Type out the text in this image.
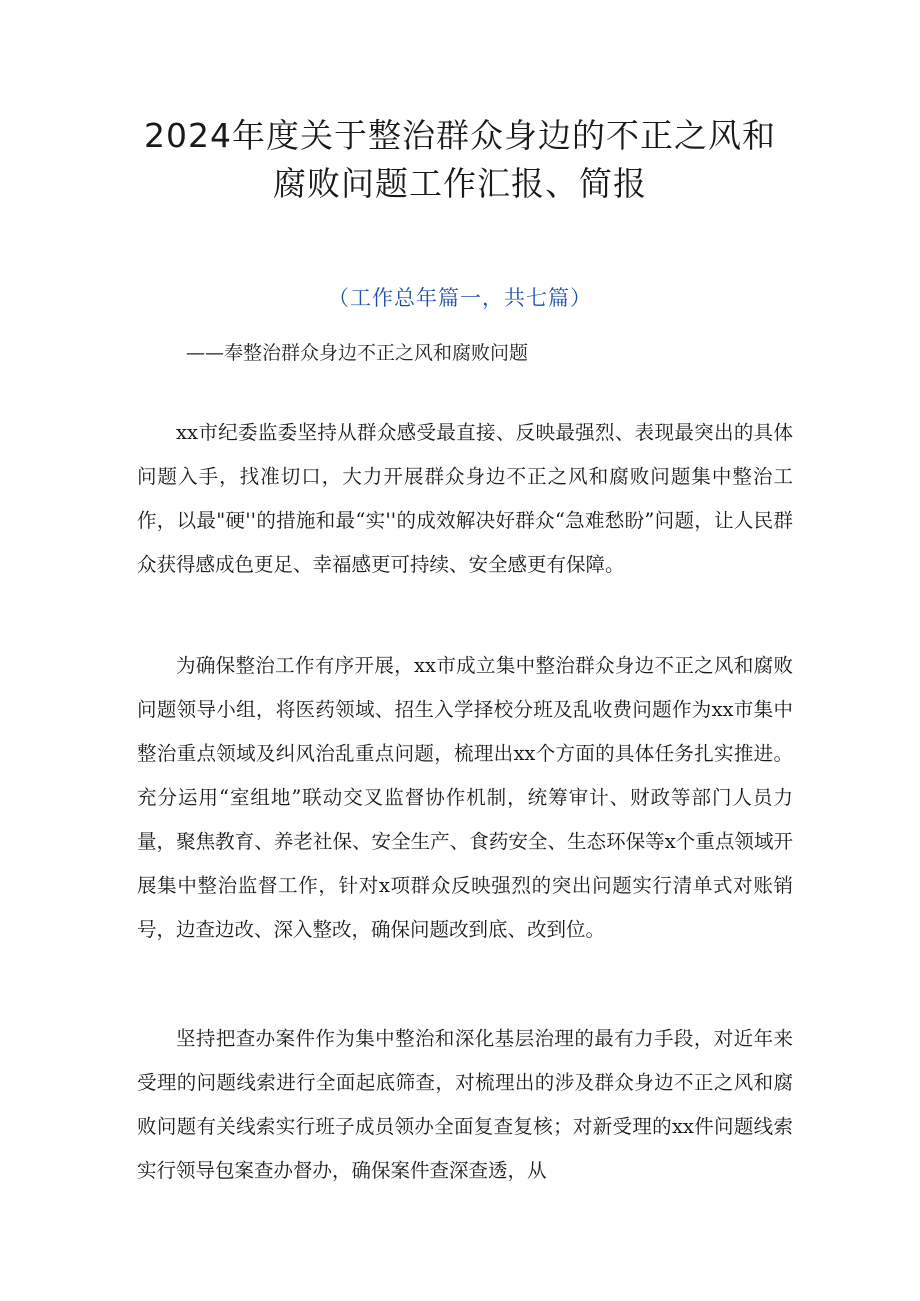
2024年度关于整治群众身边的不正之风和
腐败问题工作汇报、简报
（工作总年篇一，共七篇）
——奉整治群众身边不正之风和腐败问题

xx市纪委监委坚持从群众感受最直接、反映最强烈、表现最突出的具体问题入手，找准切口，大力开展群众身边不正之风和腐败问题集中整治工作，以最"硬''的措施和最“实''的成效解决好群众“急难愁盼”问题，让人民群众获得感成色更足、幸福感更可持续、安全感更有保障。

为确保整治工作有序开展，xx市成立集中整治群众身边不正之风和腐败问题领导小组，将医药领域、招生入学择校分班及乱收费问题作为xx市集中整治重点领域及纠风治乱重点问题，梳理出xx个方面的具体任务扎实推进。充分运用“室组地”联动交叉监督协作机制，统筹审计、财政等部门人员力量，聚焦教育、养老社保、安全生产、食药安全、生态环保等x个重点领域开展集中整治监督工作，针对x项群众反映强烈的突出问题实行清单式对账销号，边查边改、深入整改，确保问题改到底、改到位。

坚持把查办案件作为集中整治和深化基层治理的最有力手段，对近年来受理的问题线索进行全面起底筛查，对梳理出的涉及群众身边不正之风和腐败问题有关线索实行班子成员领办全面复查复核；对新受理的xx件问题线索实行领导包案查办督办，确保案件查深查透，从
